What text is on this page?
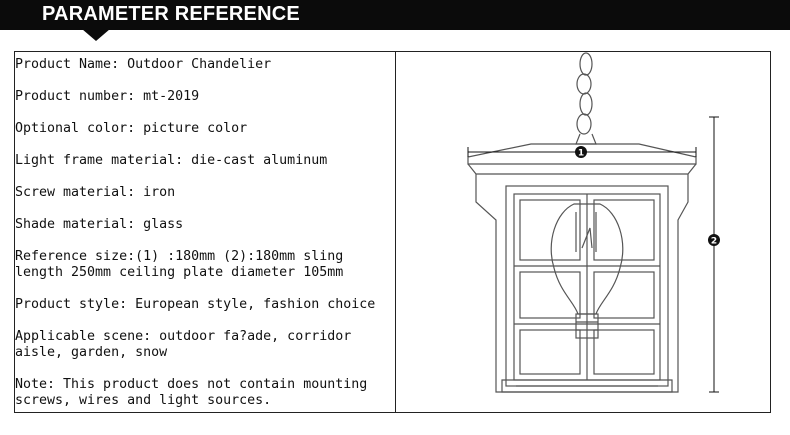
PARAMETER REFERENCE
Product Name: Outdoor Chandelier
Product number: mt-2019
Optional color: picture color
Light frame material: die-cast aluminum
Screw material: iron
Shade material: glass
Reference size:(1) :180mm (2):180mm sling length 250mm ceiling plate diameter 105mm
Product style: European style, fashion choice
Applicable scene: outdoor fa?ade, corridor aisle, garden, snow
Note: This product does not contain mounting screws, wires and light sources.
1
2
